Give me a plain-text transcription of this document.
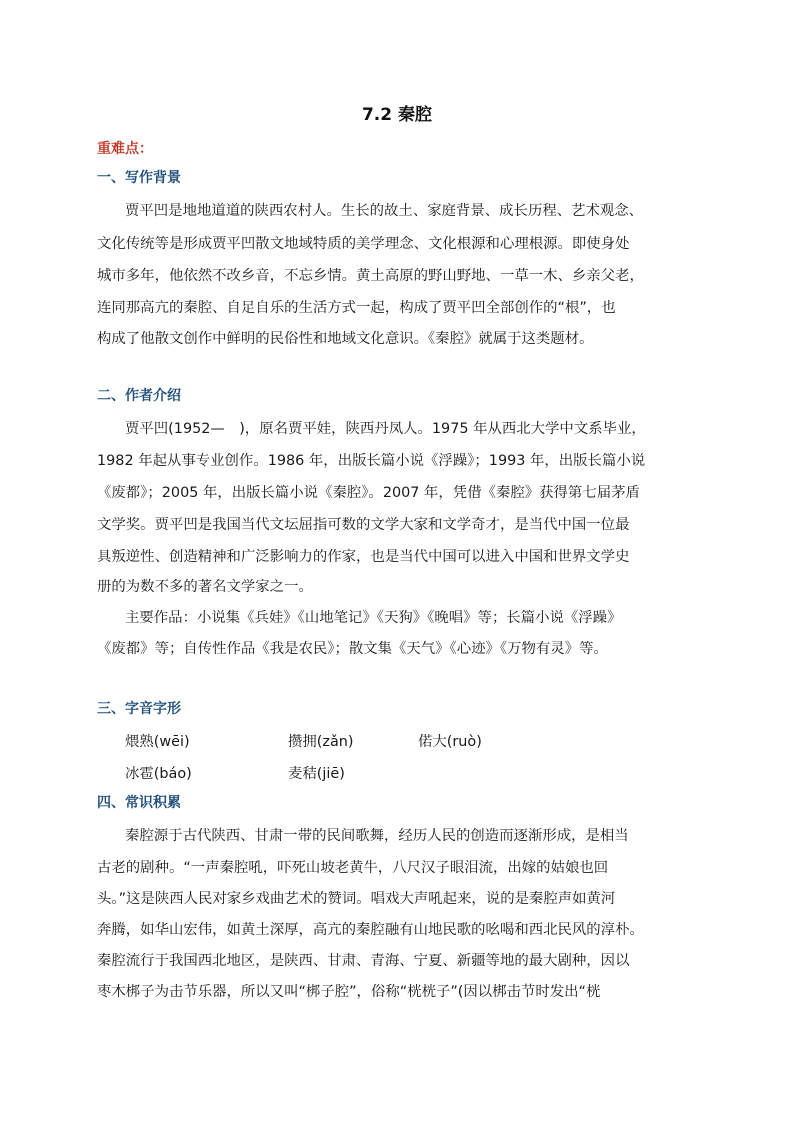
7.2 秦腔
重难点：
一、写作背景
贾平凹是地地道道的陕西农村人。生长的故土、家庭背景、成长历程、艺术观念、
文化传统等是形成贾平凹散文地域特质的美学理念、文化根源和心理根源。即使身处
城市多年，他依然不改乡音，不忘乡情。黄土高原的野山野地、一草一木、乡亲父老，
连同那高亢的秦腔、自足自乐的生活方式一起，构成了贾平凹全部创作的“根”，也
构成了他散文创作中鲜明的民俗性和地域文化意识。《秦腔》就属于这类题材。
二、作者介绍
贾平凹(1952—　)，原名贾平娃，陕西丹凤人。1975 年从西北大学中文系毕业，
1982 年起从事专业创作。1986 年，出版长篇小说《浮躁》；1993 年，出版长篇小说
《废都》；2005 年，出版长篇小说《秦腔》。2007 年，凭借《秦腔》获得第七届茅盾
文学奖。贾平凹是我国当代文坛屈指可数的文学大家和文学奇才，是当代中国一位最
具叛逆性、创造精神和广泛影响力的作家，也是当代中国可以进入中国和世界文学史
册的为数不多的著名文学家之一。
主要作品：小说集《兵娃》《山地笔记》《天狗》《晚唱》等；长篇小说《浮躁》
《废都》等；自传性作品《我是农民》；散文集《天气》《心迹》《万物有灵》等。
三、字音字形
煨熟(wēi)	攒拥(zǎn)	偌大(ruò)
冰雹(báo)	麦秸(jiē)
四、常识积累
秦腔源于古代陕西、甘肃一带的民间歌舞，经历人民的创造而逐渐形成，是相当
古老的剧种。“一声秦腔吼，吓死山坡老黄牛，八尺汉子眼泪流，出嫁的姑娘也回
头。”这是陕西人民对家乡戏曲艺术的赞词。唱戏大声吼起来，说的是秦腔声如黄河
奔腾，如华山宏伟，如黄土深厚，高亢的秦腔融有山地民歌的吆喝和西北民风的淳朴。
秦腔流行于我国西北地区，是陕西、甘肃、青海、宁夏、新疆等地的最大剧种，因以
枣木梆子为击节乐器，所以又叫“梆子腔”，俗称“桄桄子”(因以梆击节时发出“桄
